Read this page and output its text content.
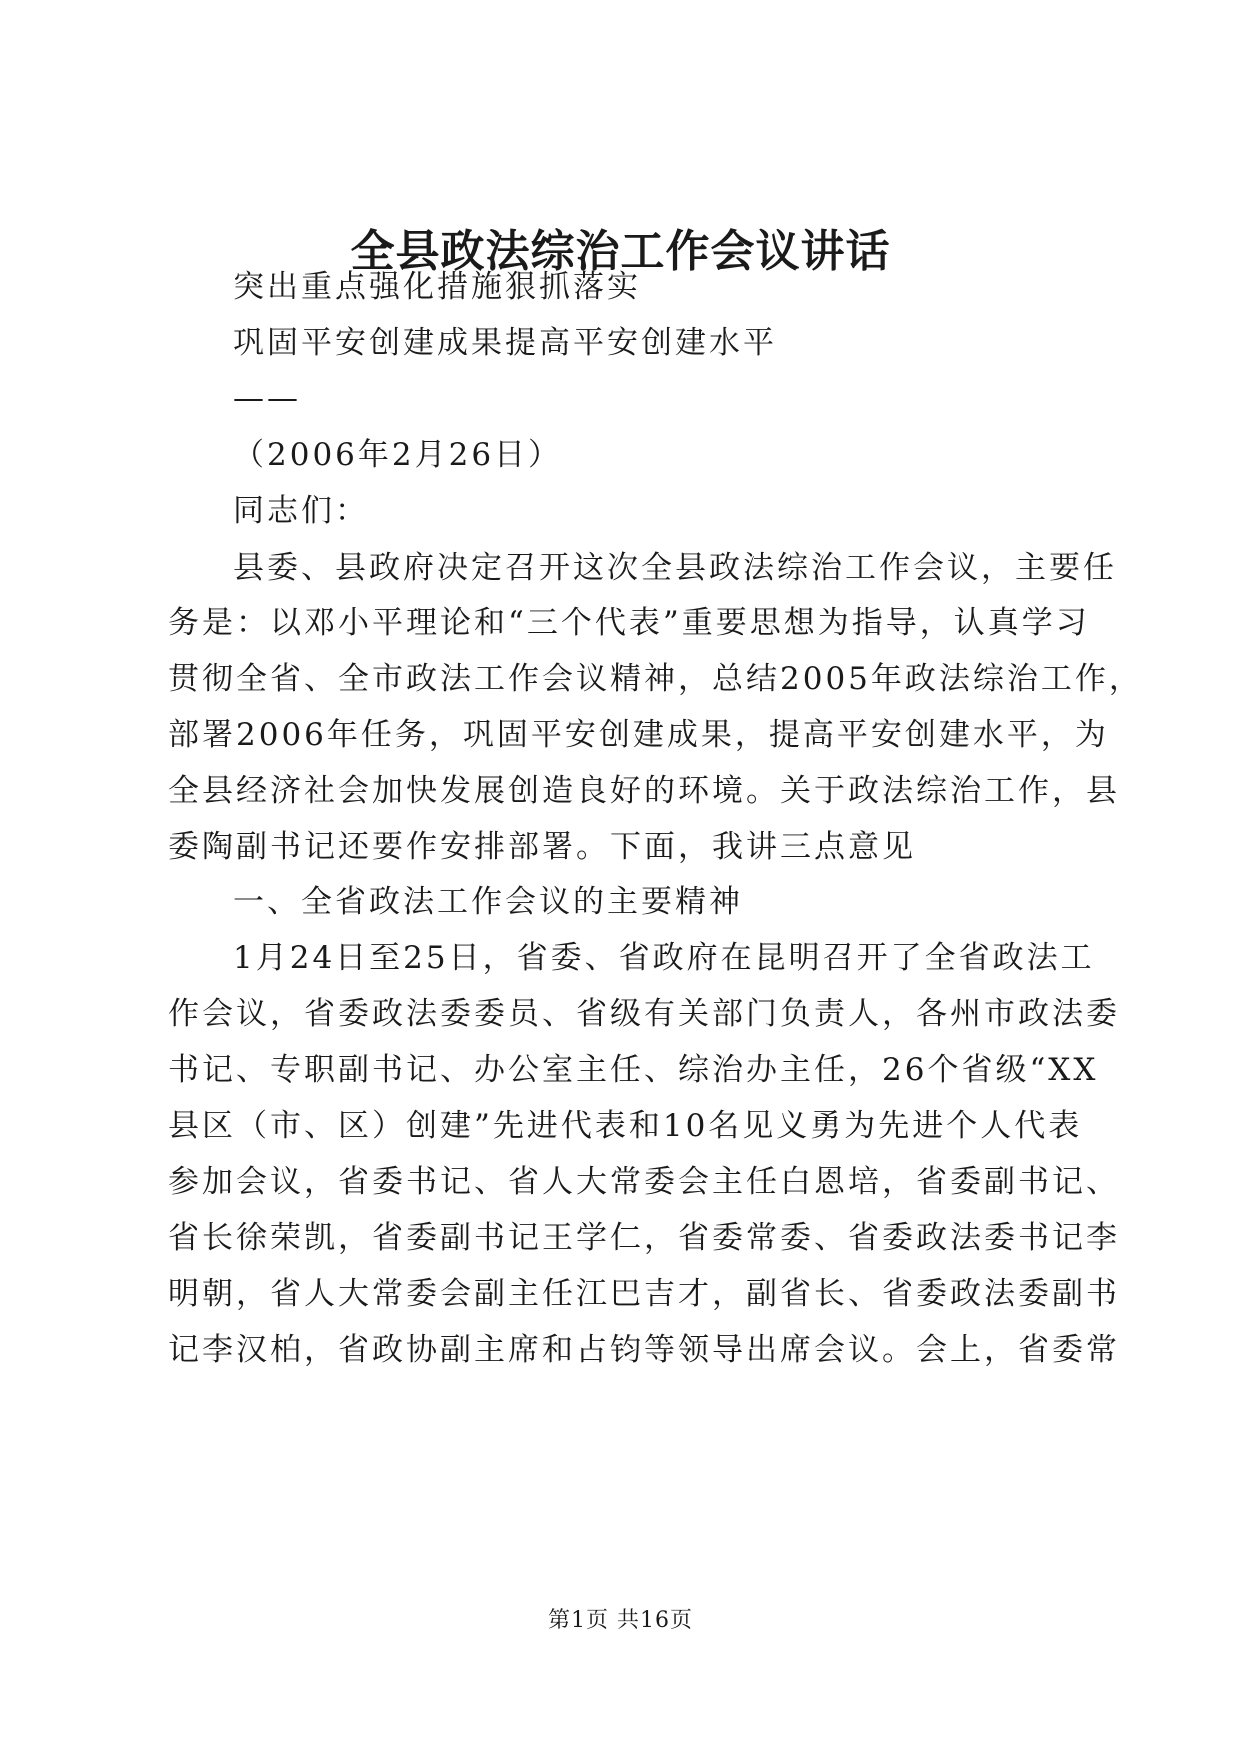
全县政法综治工作会议讲话
突出重点强化措施狠抓落实
巩固平安创建成果提高平安创建水平
——
（2006年2月26日）
同志们：
县委、县政府决定召开这次全县政法综治工作会议，主要任
务是：以邓小平理论和“三个代表”重要思想为指导，认真学习
贯彻全省、全市政法工作会议精神，总结2005年政法综治工作，
部署2006年任务，巩固平安创建成果，提高平安创建水平，为
全县经济社会加快发展创造良好的环境。关于政法综治工作，县
委陶副书记还要作安排部署。下面，我讲三点意见
一、全省政法工作会议的主要精神
1月24日至25日，省委、省政府在昆明召开了全省政法工
作会议，省委政法委委员、省级有关部门负责人，各州市政法委
书记、专职副书记、办公室主任、综治办主任，26个省级“XX
县区（市、区）创建”先进代表和10名见义勇为先进个人代表
参加会议，省委书记、省人大常委会主任白恩培，省委副书记、
省长徐荣凯，省委副书记王学仁，省委常委、省委政法委书记李
明朝，省人大常委会副主任江巴吉才，副省长、省委政法委副书
记李汉柏，省政协副主席和占钧等领导出席会议。会上，省委常
第1页 共16页
